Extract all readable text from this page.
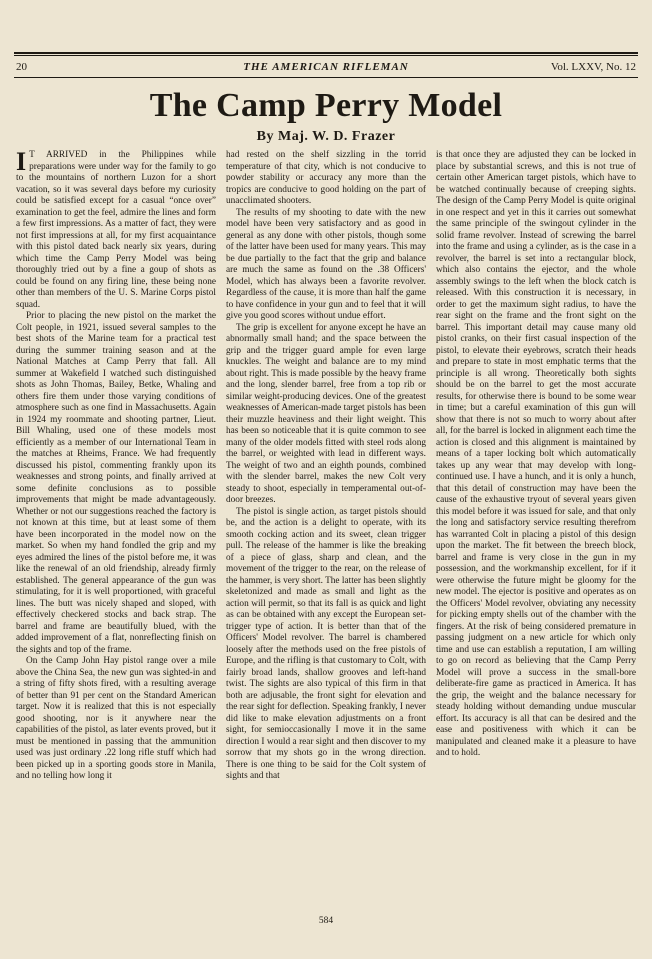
20	THE AMERICAN RIFLEMAN	Vol. LXXV, No. 12
The Camp Perry Model
By Maj. W. D. Frazer

I T ARRIVED in the Philippines while preparations were under way for the family to go to the mountains of northern Luzon for a short vacation, so it was several days before my curiosity could be satisfied except for a casual “once over” examination to get the feel, admire the lines and form a few first impressions. As a matter of fact, they were not first impressions at all, for my first acquaintance with this pistol dated back nearly six years, during which time the Camp Perry Model was being thoroughly tried out by a fine a goup of shots as could be found on any firing line, these being none other than members of the U. S. Marine Corps pistol squad.

Prior to placing the new pistol on the market the Colt people, in 1921, issued several samples to the best shots of the Marine team for a practical test during the summer training season and at the National Matches at Camp Perry that fall. All summer at Wakefield I watched such distinguished shots as John Thomas, Bailey, Betke, Whaling and others fire them under those varying conditions of atmosphere such as one find in Massachusetts. Again in 1924 my roommate and shooting partner, Lieut. Bill Whaling, used one of these models most efficiently as a member of our International Team in the matches at Rheims, France. We had frequently discussed his pistol, commenting frankly upon its weaknesses and strong points, and finally arrived at some definite conclusions as to possible improvements that might be made advantageously. Whether or not our suggestions reached the factory is not known at this time, but at least some of them have been incorporated in the model now on the market. So when my hand fondled the grip and my eyes admired the lines of the pistol before me, it was like the renewal of an old friendship, already firmly established. The general appearance of the gun was stimulating, for it is well proportioned, with graceful lines. The butt was nicely shaped and sloped, with effectively checkered stocks and back strap. The barrel and frame are beautifully blued, with the added improvement of a flat, nonreflecting finish on the sights and top of the frame.

On the Camp John Hay pistol range over a mile above the China Sea, the new gun was sighted-in and a string of fifty shots fired, with a resulting average of better than 91 per cent on the Standard American target. Now it is realized that this is not especially good shooting, nor is it anywhere near the capabilities of the pistol, as later events proved, but it must be mentioned in passing that the ammunition used was just ordinary .22 long rifle stuff which had been picked up in a sporting goods store in Manila, and no telling how long it

had rested on the shelf sizzling in the torrid temperature of that city, which is not conducive to powder stability or accuracy any more than the tropics are conducive to good holding on the part of unacclimated shooters.

The results of my shooting to date with the new model have been very satisfactory and as good in general as any done with other pistols, though some of the latter have been used for many years. This may be due partially to the fact that the grip and balance are much the same as found on the .38 Officers' Model, which has always been a favorite revolver. Regardless of the cause, it is more than half the game to have confidence in your gun and to feel that it will give you good scores without undue effort.

The grip is excellent for anyone except he have an abnormally small hand; and the space between the grip and the trigger guard ample for even large knuckles. The weight and balance are to my mind about right. This is made possible by the heavy frame and the long, slender barrel, free from a top rib or similar weight-producing devices. One of the greatest weaknesses of American-made target pistols has been their muzzle heaviness and their light weight. This has been so noticeable that it is quite common to see many of the older models fitted with steel rods along the barrel, or weighted with lead in different ways. The weight of two and an eighth pounds, combined with the slender barrel, makes the new Colt very steady to shoot, especially in temperamental out-of-door breezes.

The pistol is single action, as target pistols should be, and the action is a delight to operate, with its smooth cocking action and its sweet, clean trigger pull. The release of the hammer is like the breaking of a piece of glass, sharp and clean, and the movement of the trigger to the rear, on the release of the hammer, is very short. The latter has been slightly skeletonized and made as small and light as the action will permit, so that its fall is as quick and light as can be obtained with any except the European set-trigger type of action. It is better than that of the Officers' Model revolver. The barrel is chambered loosely after the methods used on the free pistols of Europe, and the rifling is that customary to Colt, with fairly broad lands, shallow grooves and left-hand twist. The sights are also typical of this firm in that both are adjusable, the front sight for elevation and the rear sight for deflection. Speaking frankly, I never did like to make elevation adjustments on a front sight, for semioccasionally I move it in the same direction I would a rear sight and then discover to my sorrow that my shots go in the wrong direction. There is one thing to be said for the Colt system of sights and that

is that once they are adjusted they can be locked in place by substantial screws, and this is not true of certain other American target pistols, which have to be watched continually because of creeping sights. The design of the Camp Perry Model is quite original in one respect and yet in this it carries out somewhat the same principle of the swingout cylinder in the solid frame revolver. Instead of screwing the barrel into the frame and using a cylinder, as is the case in a revolver, the barrel is set into a rectangular block, which also contains the ejector, and the whole assembly swings to the left when the block catch is released. With this construction it is necessary, in order to get the maximum sight radius, to have the rear sight on the frame and the front sight on the barrel. This important detail may cause many old pistol cranks, on their first casual inspection of the pistol, to elevate their eyebrows, scratch their heads and prepare to state in most emphatic terms that the principle is all wrong. Theoretically both sights should be on the barrel to get the most accurate results, for otherwise there is bound to be some wear in time; but a careful examination of this gun will show that there is not so much to worry about after all, for the barrel is locked in alignment each time the action is closed and this alignment is maintained by means of a taper locking bolt which automatically takes up any wear that may develop with long-continued use. I have a hunch, and it is only a hunch, that this detail of construction may have been the cause of the exhaustive tryout of several years given this model before it was issued for sale, and that only the long and satisfactory service resulting therefrom has warranted Colt in placing a pistol of this design upon the market. The fit between the breech block, barrel and frame is very close in the gun in my possession, and the workmanship excellent, for if it were otherwise the future might be gloomy for the new model. The ejector is positive and operates as on the Officers' Model revolver, obviating any necessity for picking empty shells out of the chamber with the fingers. At the risk of being considered premature in passing judgment on a new article for which only time and use can establish a reputation, I am willing to go on record as believing that the Camp Perry Model will prove a success in the small-bore deliberate-fire game as practiced in America. It has the grip, the weight and the balance necessary for steady holding without demanding undue muscular effort. Its accuracy is all that can be desired and the ease and positiveness with which it can be manipulated and cleaned make it a pleasure to have and to hold.

584
